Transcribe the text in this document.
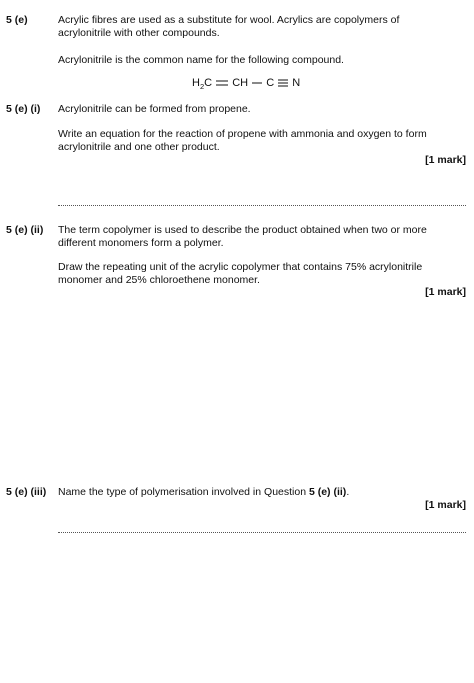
5 (e)	Acrylic fibres are used as a substitute for wool. Acrylics are copolymers of acrylonitrile with other compounds.
Acrylonitrile is the common name for the following compound.
$H_2C$ CH C N
5 (e) (i) Acrylonitrile can be formed from propene.
Write an equation for the reaction of propene with ammonia and oxygen to form acrylonitrile and one other product.
[1 mark]
5 (e) (ii) The term copolymer is used to describe the product obtained when two or more different monomers form a polymer.
Draw the repeating unit of the acrylic copolymer that contains 75% acrylonitrile monomer and 25% chloroethene monomer.
[1 mark]
5 (e) (iii) Name the type of polymerisation involved in Question 5 (e) (ii).
[1 mark]
